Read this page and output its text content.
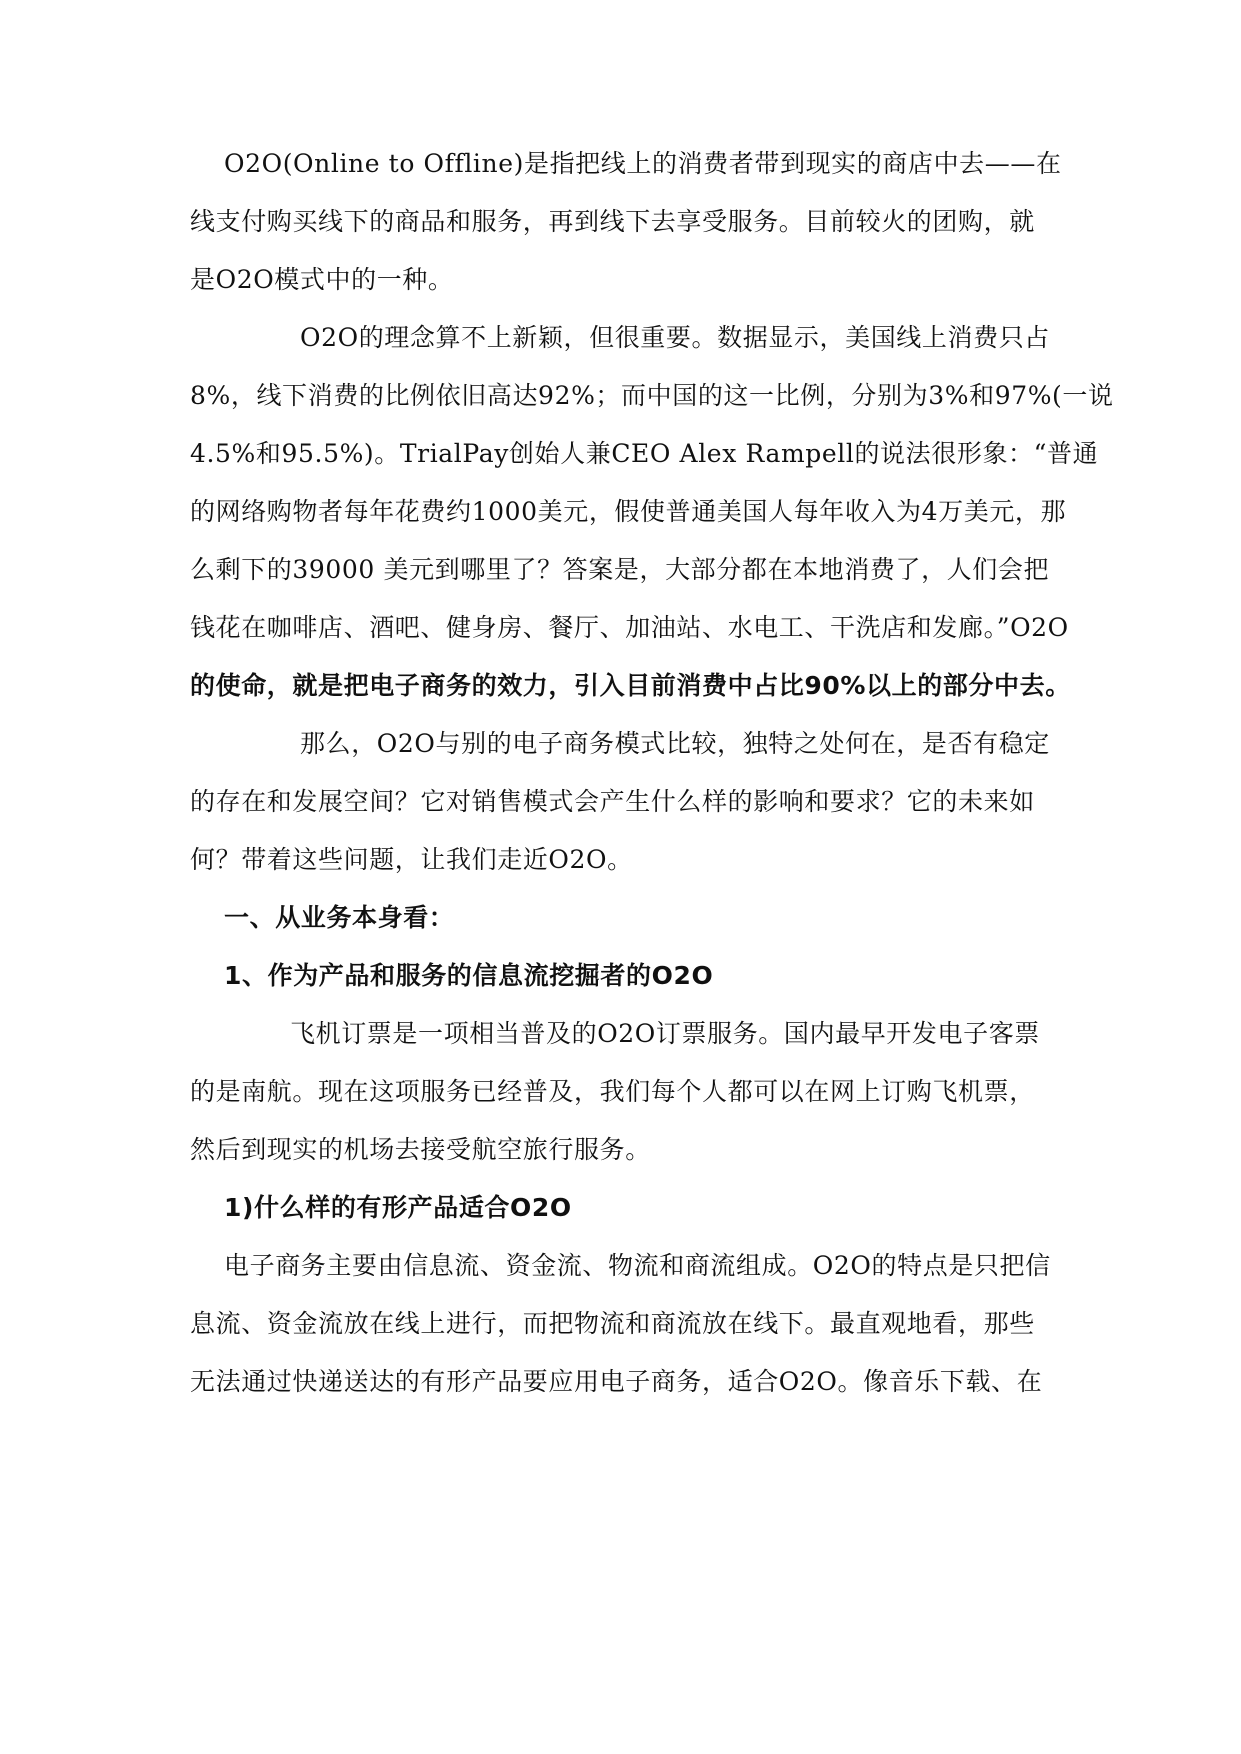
O2O(Online to Offline)是指把线上的消费者带到现实的商店中去——在
线支付购买线下的商品和服务，再到线下去享受服务。目前较火的团购，就
是O2O模式中的一种。
O2O的理念算不上新颖，但很重要。数据显示，美国线上消费只占
8%，线下消费的比例依旧高达92%；而中国的这一比例，分别为3%和97%(一说
4.5%和95.5%)。TrialPay创始人兼CEO Alex Rampell的说法很形象：“普通
的网络购物者每年花费约1000美元，假使普通美国人每年收入为4万美元，那
么剩下的39000 美元到哪里了？答案是，大部分都在本地消费了，人们会把
钱花在咖啡店、酒吧、健身房、餐厅、加油站、水电工、干洗店和发廊。”O2O
的使命，就是把电子商务的效力，引入目前消费中占比90%以上的部分中去。
那么，O2O与别的电子商务模式比较，独特之处何在，是否有稳定
的存在和发展空间？它对销售模式会产生什么样的影响和要求？它的未来如
何？带着这些问题，让我们走近O2O。
一、从业务本身看：
1、作为产品和服务的信息流挖掘者的O2O
飞机订票是一项相当普及的O2O订票服务。国内最早开发电子客票
的是南航。现在这项服务已经普及，我们每个人都可以在网上订购飞机票，
然后到现实的机场去接受航空旅行服务。
1)什么样的有形产品适合O2O
电子商务主要由信息流、资金流、物流和商流组成。O2O的特点是只把信
息流、资金流放在线上进行，而把物流和商流放在线下。最直观地看，那些
无法通过快递送达的有形产品要应用电子商务，适合O2O。像音乐下载、在
